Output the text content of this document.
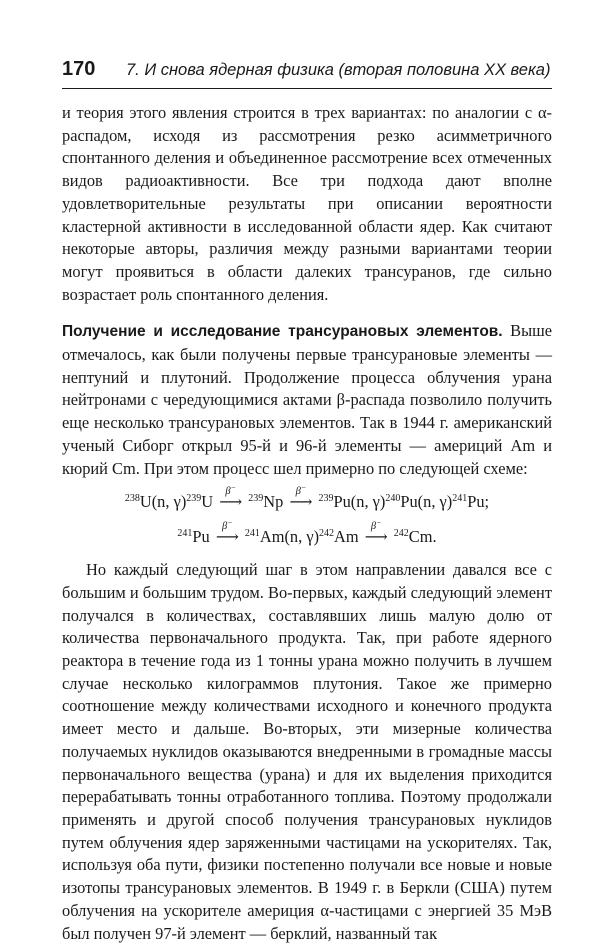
170	7. И снова ядерная физика (вторая половина XX века)

и теория этого явления строится в трех вариантах: по аналогии с α-распадом, исходя из рассмотрения резко асимметричного спонтанного деления и объединенное рассмотрение всех отмеченных видов радиоактивности. Все три подхода дают вполне удовлетворительные результаты при описании вероятности кластерной активности в исследованной области ядер. Как считают некоторые авторы, различия между разными вариантами теории могут проявиться в области далеких трансуранов, где сильно возрастает роль спонтанного деления.

Получение и исследование трансурановых элементов. Выше отмечалось, как были получены первые трансурановые элементы — нептуний и плутоний. Продолжение процесса облучения урана нейтронами с чередующимися актами β-распада позволило получить еще несколько трансурановых элементов. Так в 1944 г. американский ученый Сиборг открыл 95-й и 96-й элементы — америций Am и кюрий Cm. При этом процесс шел примерно по следующей схеме:

$^{238}$U(n, γ)$^{239}$U
β−
⟶ $^{239}$Np
β−
⟶ $^{239}$Pu(n, γ)$^{240}$Pu(n, γ)$^{241}$Pu;
$^{241}$Pu
β−
⟶ $^{241}$Am(n, γ)$^{242}$Am
β−
⟶ $^{242}$Cm.

Но каждый следующий шаг в этом направлении давался все с большим и большим трудом. Во-первых, каждый следующий элемент получался в количествах, составлявших лишь малую долю от количества первоначального продукта. Так, при работе ядерного реактора в течение года из 1 тонны урана можно получить в лучшем случае несколько килограммов плутония. Такое же примерно соотношение между количествами исходного и конечного продукта имеет место и дальше. Во-вторых, эти мизерные количества получаемых нуклидов оказываются внедренными в громадные массы первоначального вещества (урана) и для их выделения приходится перерабатывать тонны отработанного топлива. Поэтому продолжали применять и другой способ получения трансурановых нуклидов путем облучения ядер заряженными частицами на ускорителях. Так, используя оба пути, физики постепенно получали все новые и новые изотопы трансурановых элементов. В 1949 г. в Беркли (США) путем облучения на ускорителе америция α-частицами с энергией 35 МэВ был получен 97-й элемент — берклий, названный так
